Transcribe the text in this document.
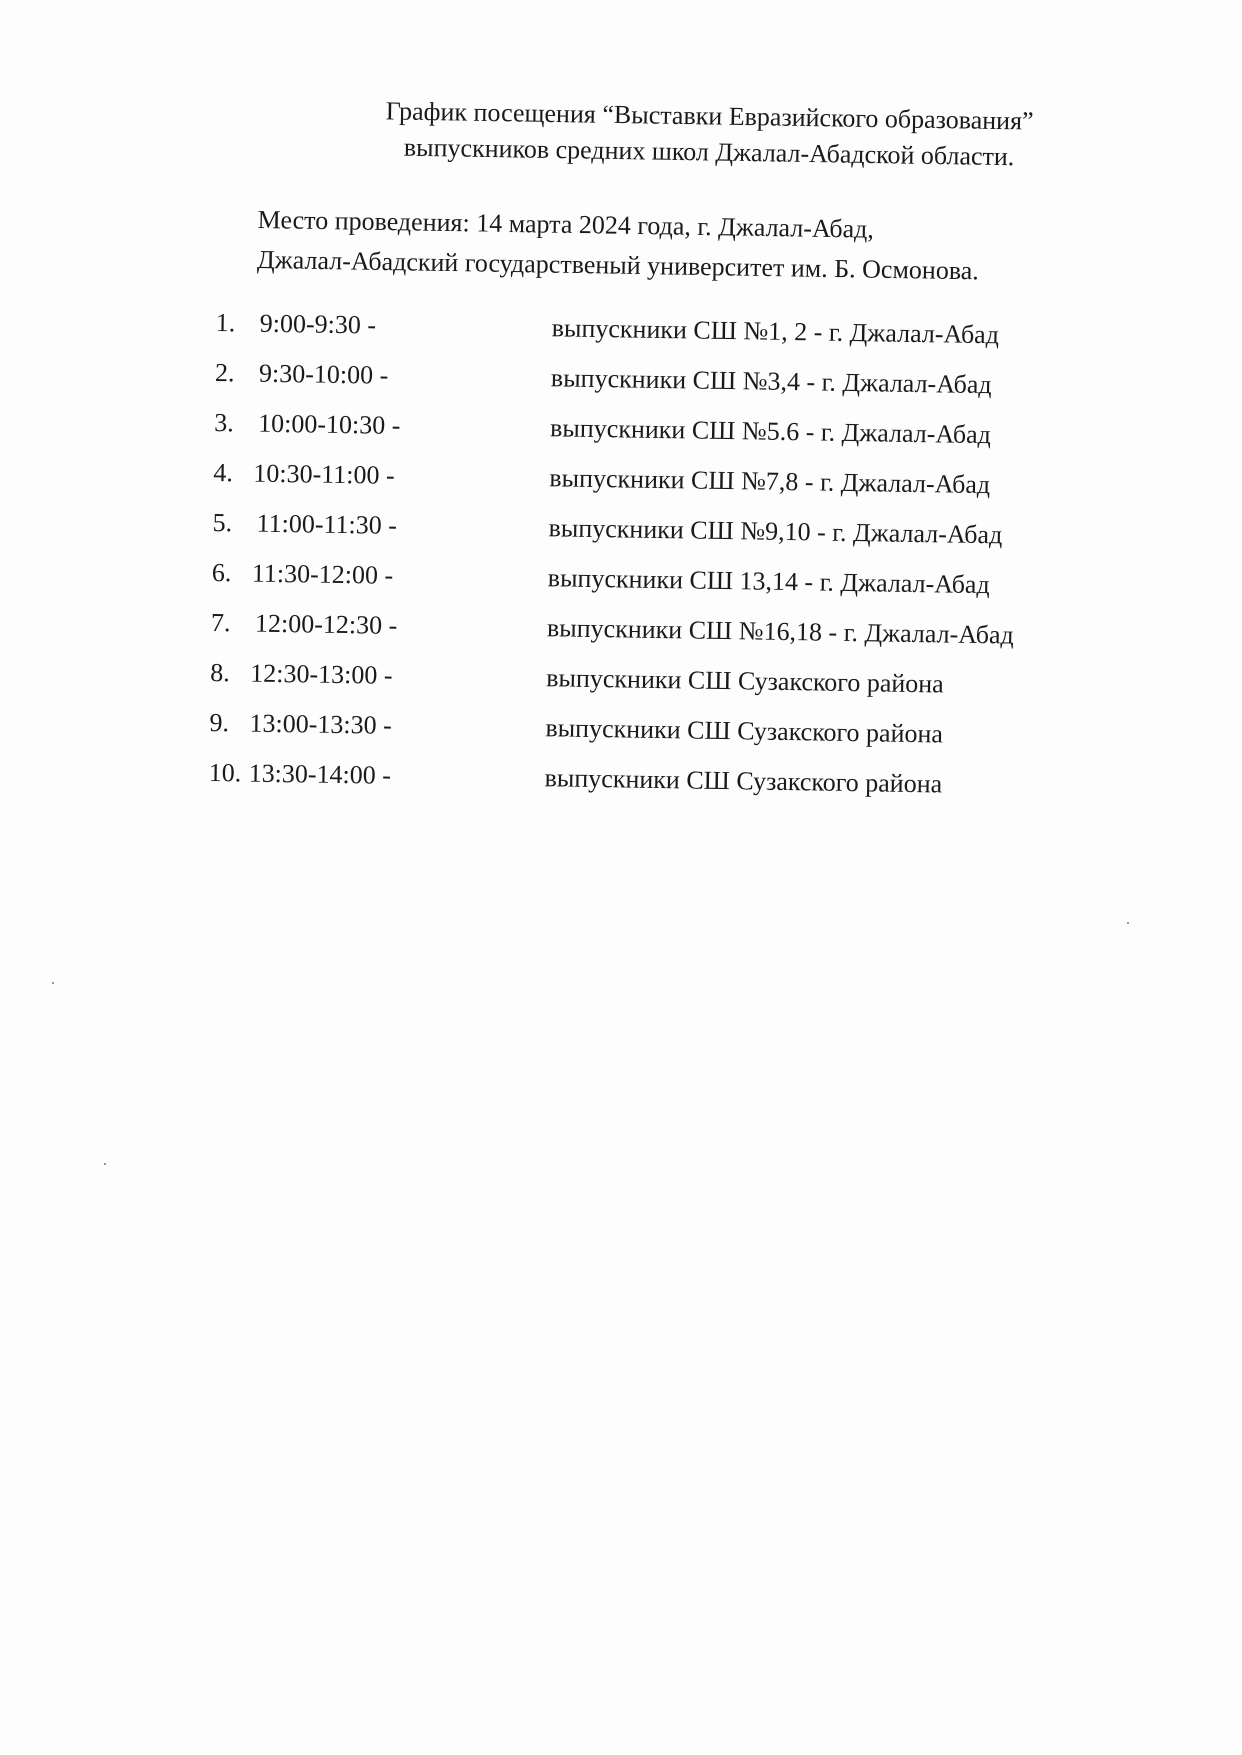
График посещения “Выставки Евразийского образования”
выпускников средних школ Джалал-Абадской области.
Место проведения: 14 марта 2024 года, г. Джалал-Абад,
Джалал-Абадский государственый университет им. Б. Осмонова.
1. 9:00-9:30 -	выпускники СШ №1, 2 - г. Джалал-Абад
2. 9:30-10:00 -	выпускники СШ №3,4 - г. Джалал-Абад
3. 10:00-10:30 -	выпускники СШ №5.6 - г. Джалал-Абад
4. 10:30-11:00 -	выпускники СШ №7,8 - г. Джалал-Абад
5. 11:00-11:30 -	выпускники СШ №9,10 - г. Джалал-Абад
6. 11:30-12:00 -	выпускники СШ 13,14 - г. Джалал-Абад
7. 12:00-12:30 -	выпускники СШ №16,18 - г. Джалал-Абад
8. 12:30-13:00 -	выпускники СШ Сузакского района
9. 13:00-13:30 -	выпускники СШ Сузакского района
10. 13:30-14:00 -	выпускники СШ Сузакского района
